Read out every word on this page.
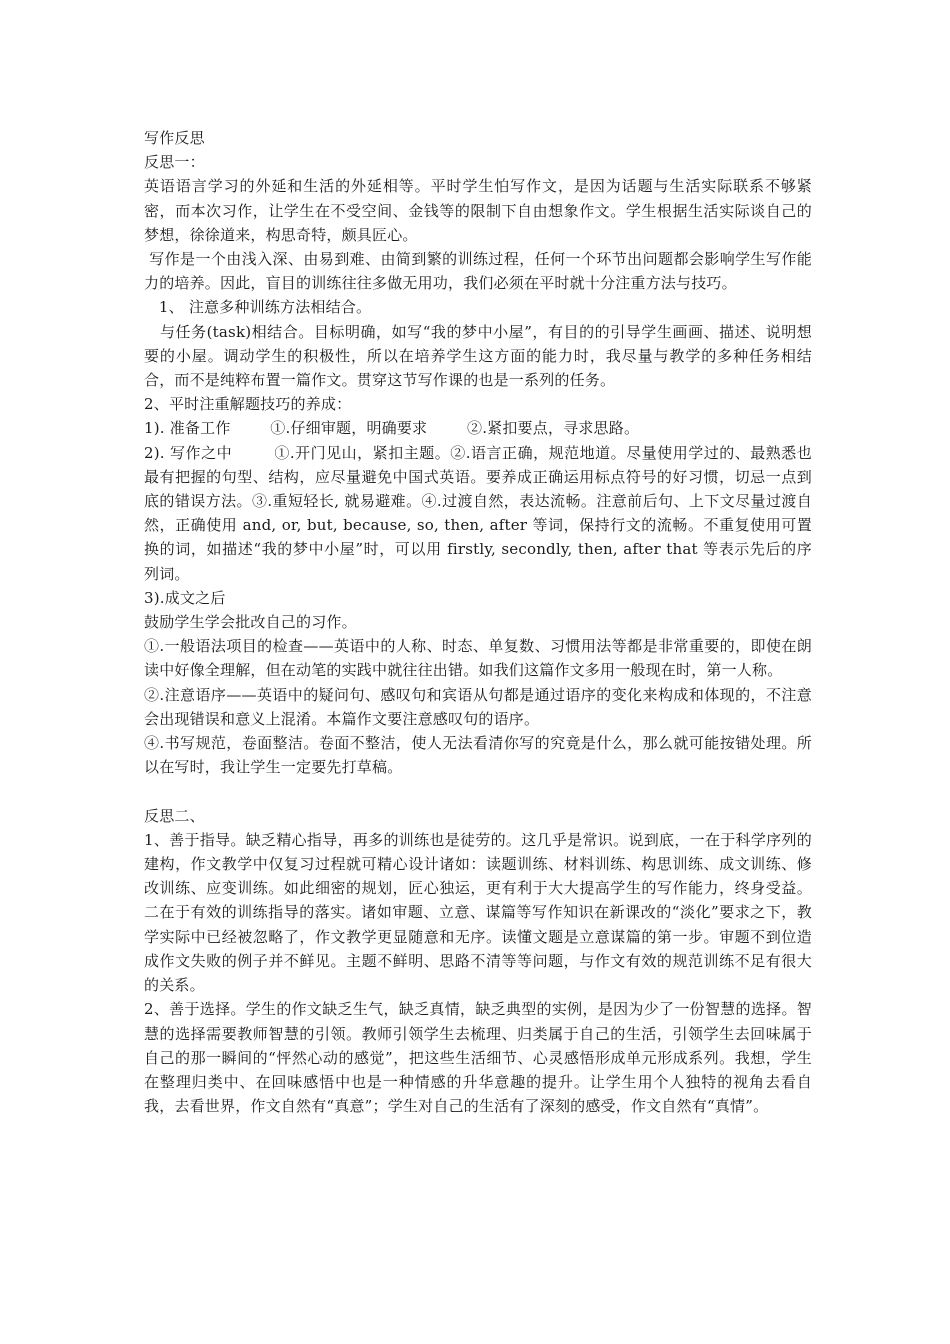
写作反思

反思一：

英语语言学习的外延和生活的外延相等。平时学生怕写作文，是因为话题与生活实际联系不够紧密，而本次习作，让学生在不受空间、金钱等的限制下自由想象作文。学生根据生活实际谈自己的梦想，徐徐道来，构思奇特，颇具匠心。

写作是一个由浅入深、由易到难、由简到繁的训练过程，任何一个环节出问题都会影响学生写作能力的培养。因此，盲目的训练往往多做无用功，我们必须在平时就十分注重方法与技巧。

1、 注意多种训练方法相结合。

与任务(task)相结合。目标明确，如写“我的梦中小屋”，有目的的引导学生画画、描述、说明想要的小屋。调动学生的积极性，所以在培养学生这方面的能力时，我尽量与教学的多种任务相结合，而不是纯粹布置一篇作文。贯穿这节写作课的也是一系列的任务。

2、平时注重解题技巧的养成：

1). 准备工作        ①.仔细审题，明确要求        ②.紧扣要点，寻求思路。

2). 写作之中        ①.开门见山，紧扣主题。②.语言正确，规范地道。尽量使用学过的、最熟悉也最有把握的句型、结构，应尽量避免中国式英语。要养成正确运用标点符号的好习惯，切忌一点到底的错误方法。③.重短轻长, 就易避难。④.过渡自然，表达流畅。注意前后句、上下文尽量过渡自然，正确使用 and, or, but, because, so, then, after 等词，保持行文的流畅。不重复使用可置换的词，如描述“我的梦中小屋”时，可以用 firstly, secondly, then, after that 等表示先后的序列词。

3).成文之后

鼓励学生学会批改自己的习作。

①.一般语法项目的检查——英语中的人称、时态、单复数、习惯用法等都是非常重要的，即使在朗读中好像全理解，但在动笔的实践中就往往出错。如我们这篇作文多用一般现在时，第一人称。

②.注意语序——英语中的疑问句、感叹句和宾语从句都是通过语序的变化来构成和体现的，不注意会出现错误和意义上混淆。本篇作文要注意感叹句的语序。

④.书写规范，卷面整洁。卷面不整洁，使人无法看清你写的究竟是什么，那么就可能按错处理。所以在写时，我让学生一定要先打草稿。

反思二、

1、善于指导。缺乏精心指导，再多的训练也是徒劳的。这几乎是常识。说到底，一在于科学序列的建构，作文教学中仅复习过程就可精心设计诸如：读题训练、材料训练、构思训练、成文训练、修改训练、应变训练。如此细密的规划，匠心独运，更有利于大大提高学生的写作能力，终身受益。二在于有效的训练指导的落实。诸如审题、立意、谋篇等写作知识在新课改的“淡化”要求之下，教学实际中已经被忽略了，作文教学更显随意和无序。读懂文题是立意谋篇的第一步。审题不到位造成作文失败的例子并不鲜见。主题不鲜明、思路不清等等问题，与作文有效的规范训练不足有很大的关系。

2、善于选择。学生的作文缺乏生气，缺乏真情，缺乏典型的实例，是因为少了一份智慧的选择。智慧的选择需要教师智慧的引领。教师引领学生去梳理、归类属于自己的生活，引领学生去回味属于自己的那一瞬间的“怦然心动的感觉”，把这些生活细节、心灵感悟形成单元形成系列。我想，学生在整理归类中、在回味感悟中也是一种情感的升华意趣的提升。让学生用个人独特的视角去看自我，去看世界，作文自然有“真意”；学生对自己的生活有了深刻的感受，作文自然有“真情”。
